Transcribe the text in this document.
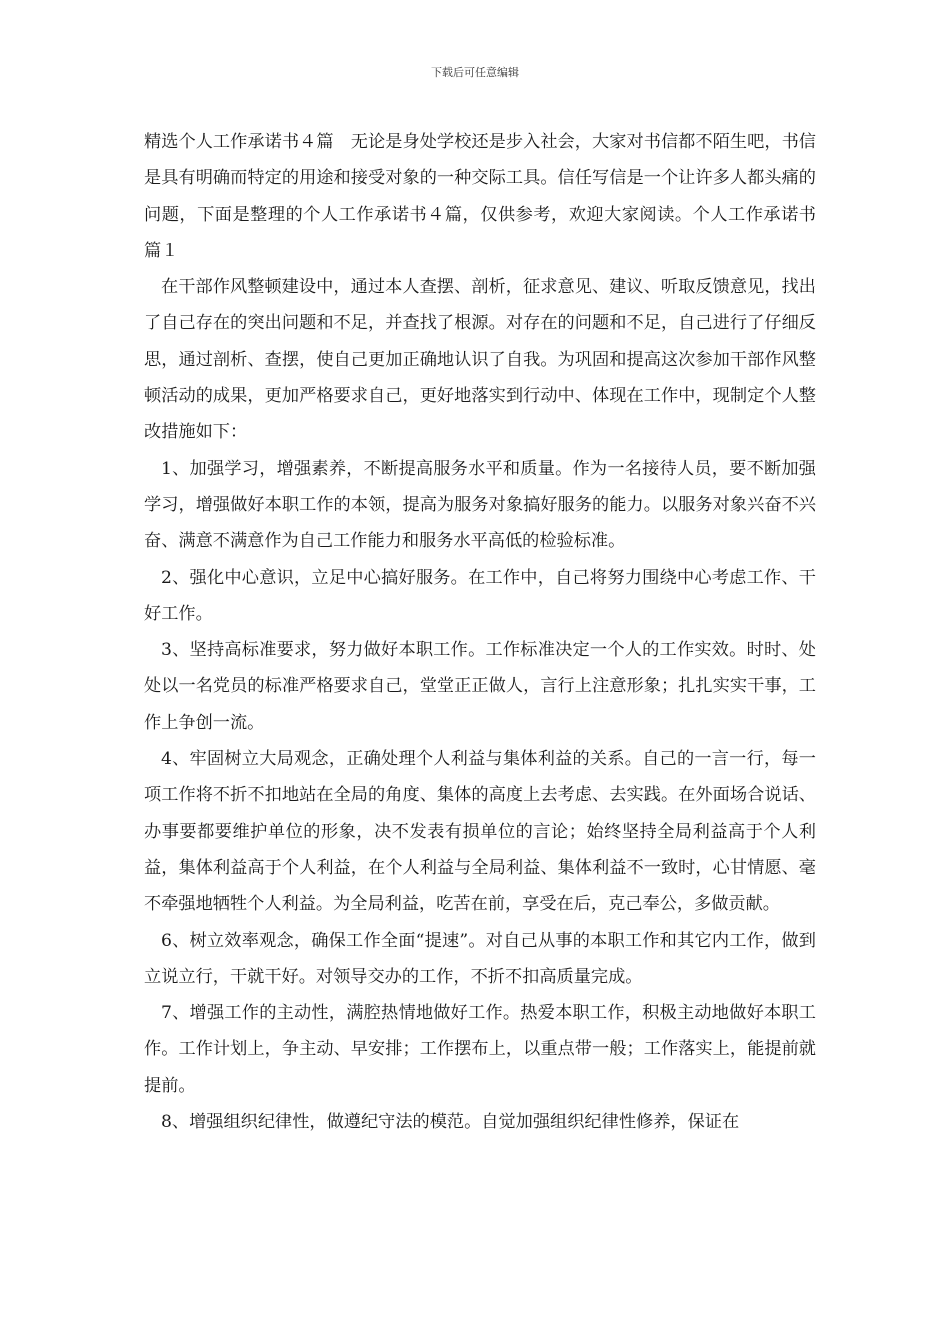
下载后可任意编辑

精选个人工作承诺书４篇　无论是身处学校还是步入社会，大家对书信都不陌生吧，书信是具有明确而特定的用途和接受对象的一种交际工具。信任写信是一个让许多人都头痛的问题，下面是整理的个人工作承诺书４篇，仅供参考，欢迎大家阅读。个人工作承诺书 篇１

在干部作风整顿建设中，通过本人查摆、剖析，征求意见、建议、听取反馈意见，找出了自己存在的突出问题和不足，并查找了根源。对存在的问题和不足，自己进行了仔细反思，通过剖析、查摆，使自己更加正确地认识了自我。为巩固和提高这次参加干部作风整顿活动的成果，更加严格要求自己，更好地落实到行动中、体现在工作中，现制定个人整改措施如下：

1、加强学习，增强素养，不断提高服务水平和质量。作为一名接待人员，要不断加强学习，增强做好本职工作的本领，提高为服务对象搞好服务的能力。以服务对象兴奋不兴奋、满意不满意作为自己工作能力和服务水平高低的检验标准。

2、强化中心意识，立足中心搞好服务。在工作中，自己将努力围绕中心考虑工作、干好工作。

3、坚持高标准要求，努力做好本职工作。工作标准决定一个人的工作实效。时时、处处以一名党员的标准严格要求自己，堂堂正正做人，言行上注意形象；扎扎实实干事，工作上争创一流。

4、牢固树立大局观念，正确处理个人利益与集体利益的关系。自己的一言一行，每一项工作将不折不扣地站在全局的角度、集体的高度上去考虑、去实践。在外面场合说话、办事要都要维护单位的形象，决不发表有损单位的言论；始终坚持全局利益高于个人利益，集体利益高于个人利益，在个人利益与全局利益、集体利益不一致时，心甘情愿、毫不牵强地牺牲个人利益。为全局利益，吃苦在前，享受在后，克己奉公，多做贡献。

6、树立效率观念，确保工作全面“提速”。对自己从事的本职工作和其它内工作，做到立说立行，干就干好。对领导交办的工作，不折不扣高质量完成。

7、增强工作的主动性，满腔热情地做好工作。热爱本职工作，积极主动地做好本职工作。工作计划上，争主动、早安排；工作摆布上，以重点带一般；工作落实上，能提前就提前。

8、增强组织纪律性，做遵纪守法的模范。自觉加强组织纪律性修养，保证在
